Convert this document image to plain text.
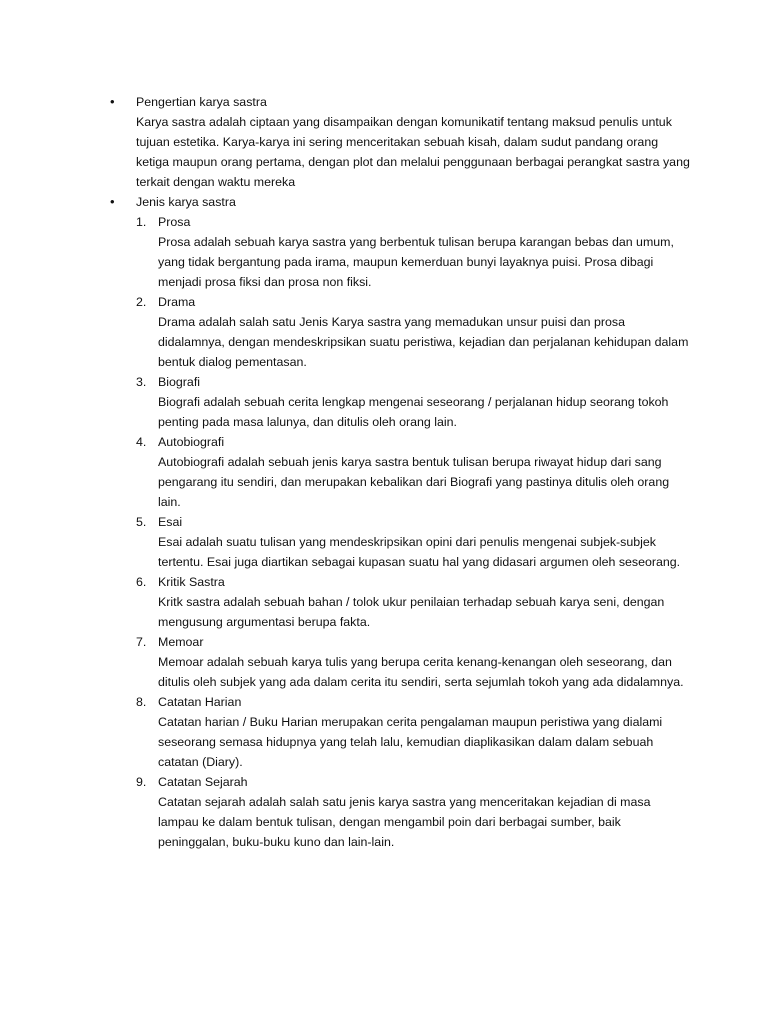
•	Pengertian karya sastra

Karya sastra adalah ciptaan yang disampaikan dengan komunikatif tentang maksud penulis untuk tujuan estetika. Karya-karya ini sering menceritakan sebuah kisah, dalam sudut pandang orang ketiga maupun orang pertama, dengan plot dan melalui penggunaan berbagai perangkat sastra yang terkait dengan waktu mereka

•	Jenis karya sastra

1. Prosa

Prosa adalah sebuah karya sastra yang berbentuk tulisan berupa karangan bebas dan umum, yang tidak bergantung pada irama, maupun kemerduan bunyi layaknya puisi. Prosa dibagi menjadi prosa fiksi dan prosa non fiksi.

2. Drama

Drama adalah salah satu Jenis Karya sastra yang memadukan unsur puisi dan prosa didalamnya, dengan mendeskripsikan suatu peristiwa, kejadian dan perjalanan kehidupan dalam bentuk dialog pementasan.

3. Biografi

Biografi adalah sebuah cerita lengkap mengenai seseorang / perjalanan hidup seorang tokoh penting pada masa lalunya, dan ditulis oleh orang lain.

4. Autobiografi

Autobiografi adalah sebuah jenis karya sastra bentuk tulisan berupa riwayat hidup dari sang pengarang itu sendiri, dan merupakan kebalikan dari Biografi yang pastinya ditulis oleh orang lain.

5. Esai

Esai adalah suatu tulisan yang mendeskripsikan opini dari penulis mengenai subjek-subjek tertentu. Esai juga diartikan sebagai kupasan suatu hal yang didasari argumen oleh seseorang.

6. Kritik Sastra

Kritk sastra adalah sebuah bahan / tolok ukur penilaian terhadap sebuah karya seni, dengan mengusung argumentasi berupa fakta.

7. Memoar

Memoar adalah sebuah karya tulis yang berupa cerita kenang-kenangan oleh seseorang, dan ditulis oleh subjek yang ada dalam cerita itu sendiri, serta sejumlah tokoh yang ada didalamnya.

8. Catatan Harian

Catatan harian / Buku Harian merupakan cerita pengalaman maupun peristiwa yang dialami seseorang semasa hidupnya yang telah lalu, kemudian diaplikasikan dalam dalam sebuah catatan (Diary).

9. Catatan Sejarah

Catatan sejarah adalah salah satu jenis karya sastra yang menceritakan kejadian di masa lampau ke dalam bentuk tulisan, dengan mengambil poin dari berbagai sumber, baik peninggalan, buku-buku kuno dan lain-lain.
